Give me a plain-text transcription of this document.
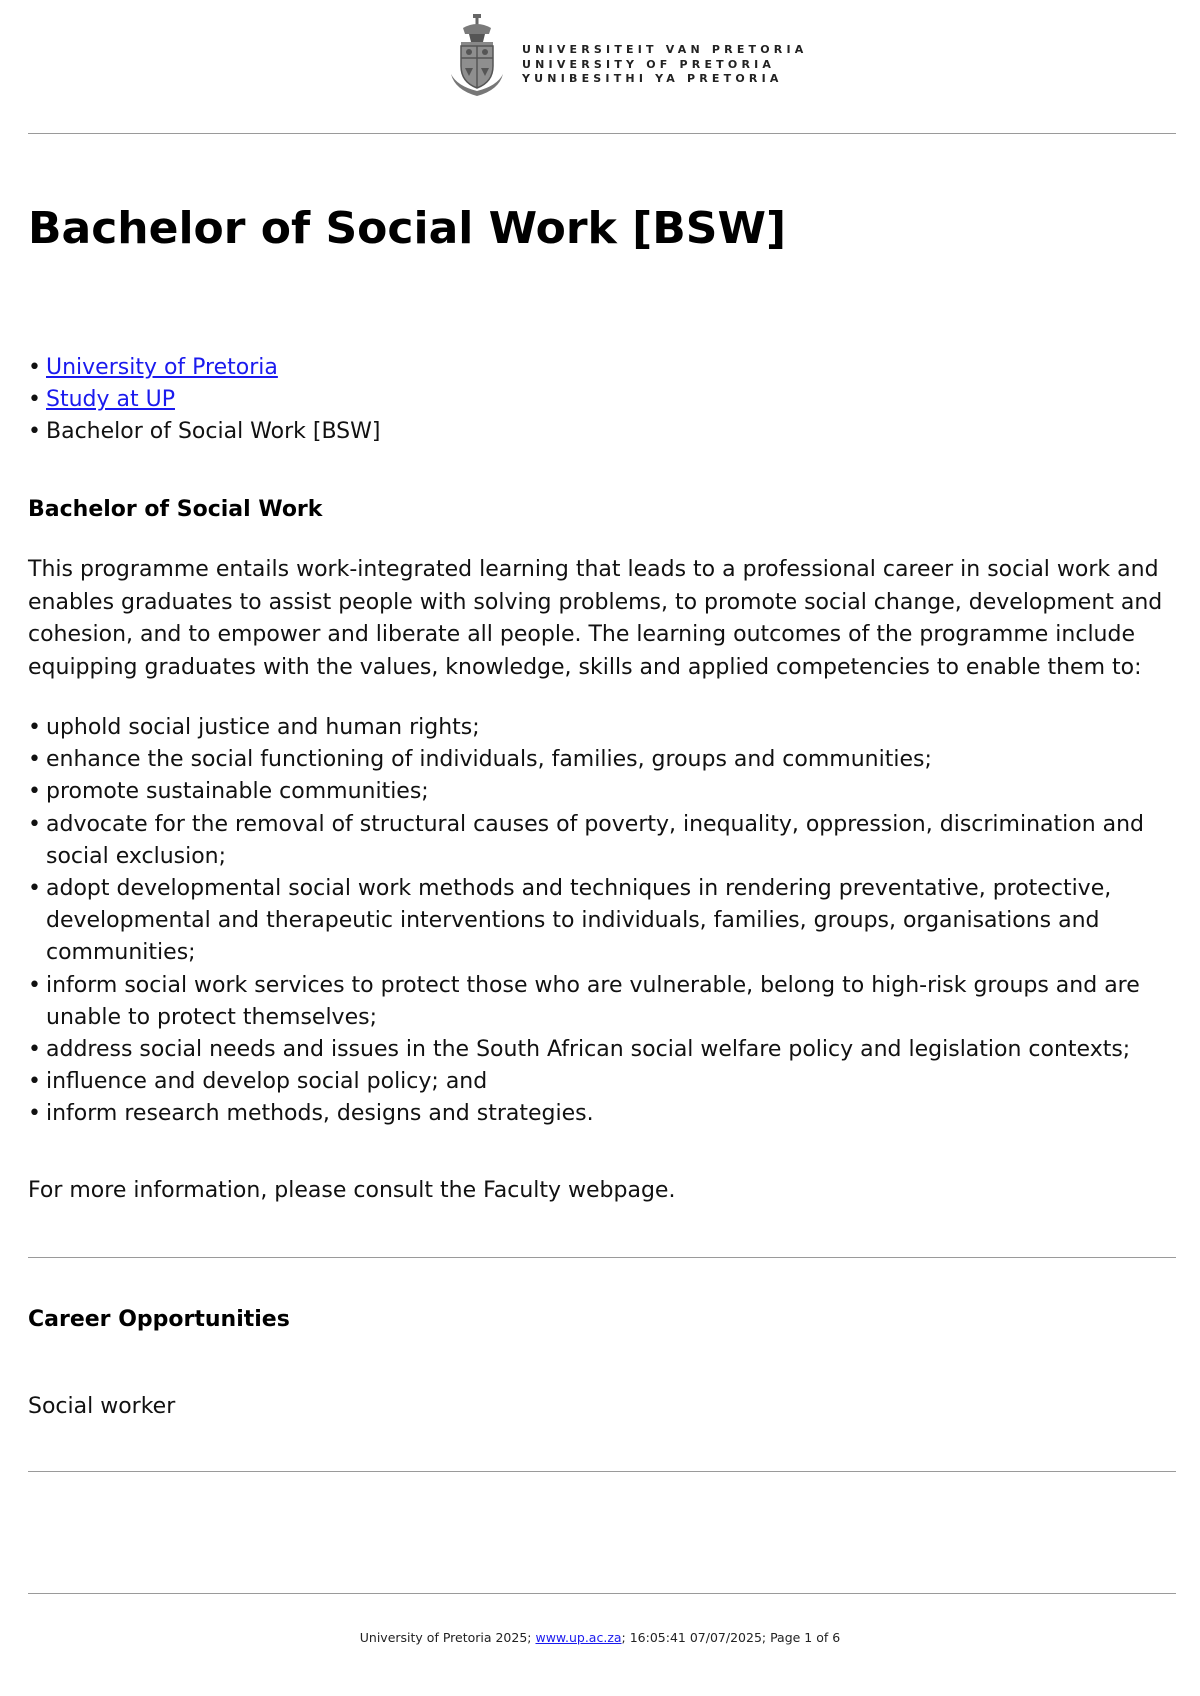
UNIVERSITEIT VAN PRETORIA
UNIVERSITY OF PRETORIA
YUNIBESITHI YA PRETORIA
Bachelor of Social Work [BSW]
• University of Pretoria
• Study at UP
• Bachelor of Social Work [BSW]
Bachelor of Social Work

This programme entails work-integrated learning that leads to a professional career in social work and enables graduates to assist people with solving problems, to promote social change, development and cohesion, and to empower and liberate all people. The learning outcomes of the programme include equipping graduates with the values, knowledge, skills and applied competencies to enable them to:

• uphold social justice and human rights;
• enhance the social functioning of individuals, families, groups and communities;
• promote sustainable communities;
• advocate for the removal of structural causes of poverty, inequality, oppression, discrimination and social exclusion;
• adopt developmental social work methods and techniques in rendering preventative, protective, developmental and therapeutic interventions to individuals, families, groups, organisations and communities;
• inform social work services to protect those who are vulnerable, belong to high-risk groups and are unable to protect themselves;
• address social needs and issues in the South African social welfare policy and legislation contexts;
• influence and develop social policy; and
• inform research methods, designs and strategies.

For more information, please consult the Faculty webpage.

Career Opportunities

Social worker

University of Pretoria 2025; www.up.ac.za; 16:05:41 07/07/2025; Page 1 of 6
